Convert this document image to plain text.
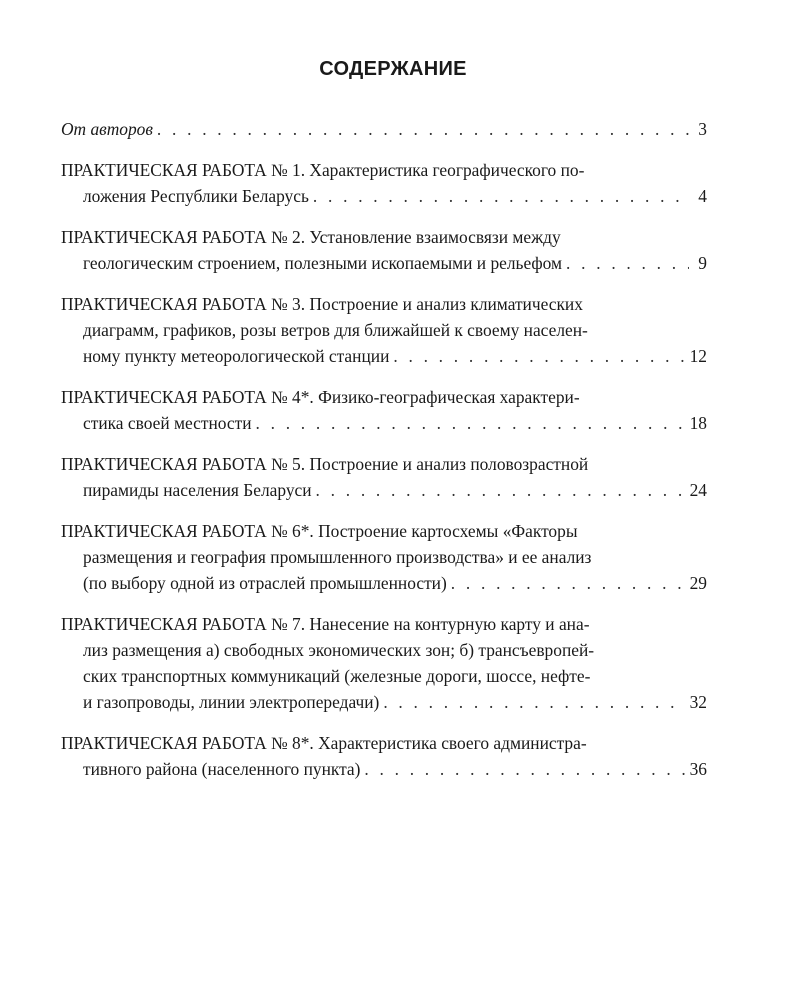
СОДЕРЖАНИЕ
От авторов . . .	3
ПРАКТИЧЕСКАЯ РАБОТА № 1. Характеристика географического по-
ложения Республики Беларусь . . .	4
ПРАКТИЧЕСКАЯ РАБОТА № 2. Установление взаимосвязи между
геологическим строением, полезными ископаемыми и рельефом . . .	9
ПРАКТИЧЕСКАЯ РАБОТА № 3. Построение и анализ климатических
диаграмм, графиков, розы ветров для ближайшей к своему населен-
ному пункту метеорологической станции . . .	12
ПРАКТИЧЕСКАЯ РАБОТА № 4*. Физико-географическая характери-
стика своей местности . . .	18
ПРАКТИЧЕСКАЯ РАБОТА № 5. Построение и анализ половозрастной
пирамиды населения Беларуси . . .	24
ПРАКТИЧЕСКАЯ РАБОТА № 6*. Построение картосхемы «Факторы
размещения и география промышленного производства» и ее анализ
(по выбору одной из отраслей промышленности) . . .	29
ПРАКТИЧЕСКАЯ РАБОТА № 7. Нанесение на контурную карту и ана-
лиз размещения а) свободных экономических зон; б) трансъевропей-
ских транспортных коммуникаций (железные дороги, шоссе, нефте-
и газопроводы, линии электропередачи) . . .	32
ПРАКТИЧЕСКАЯ РАБОТА № 8*. Характеристика своего администра-
тивного района (населенного пункта) . . .	36
